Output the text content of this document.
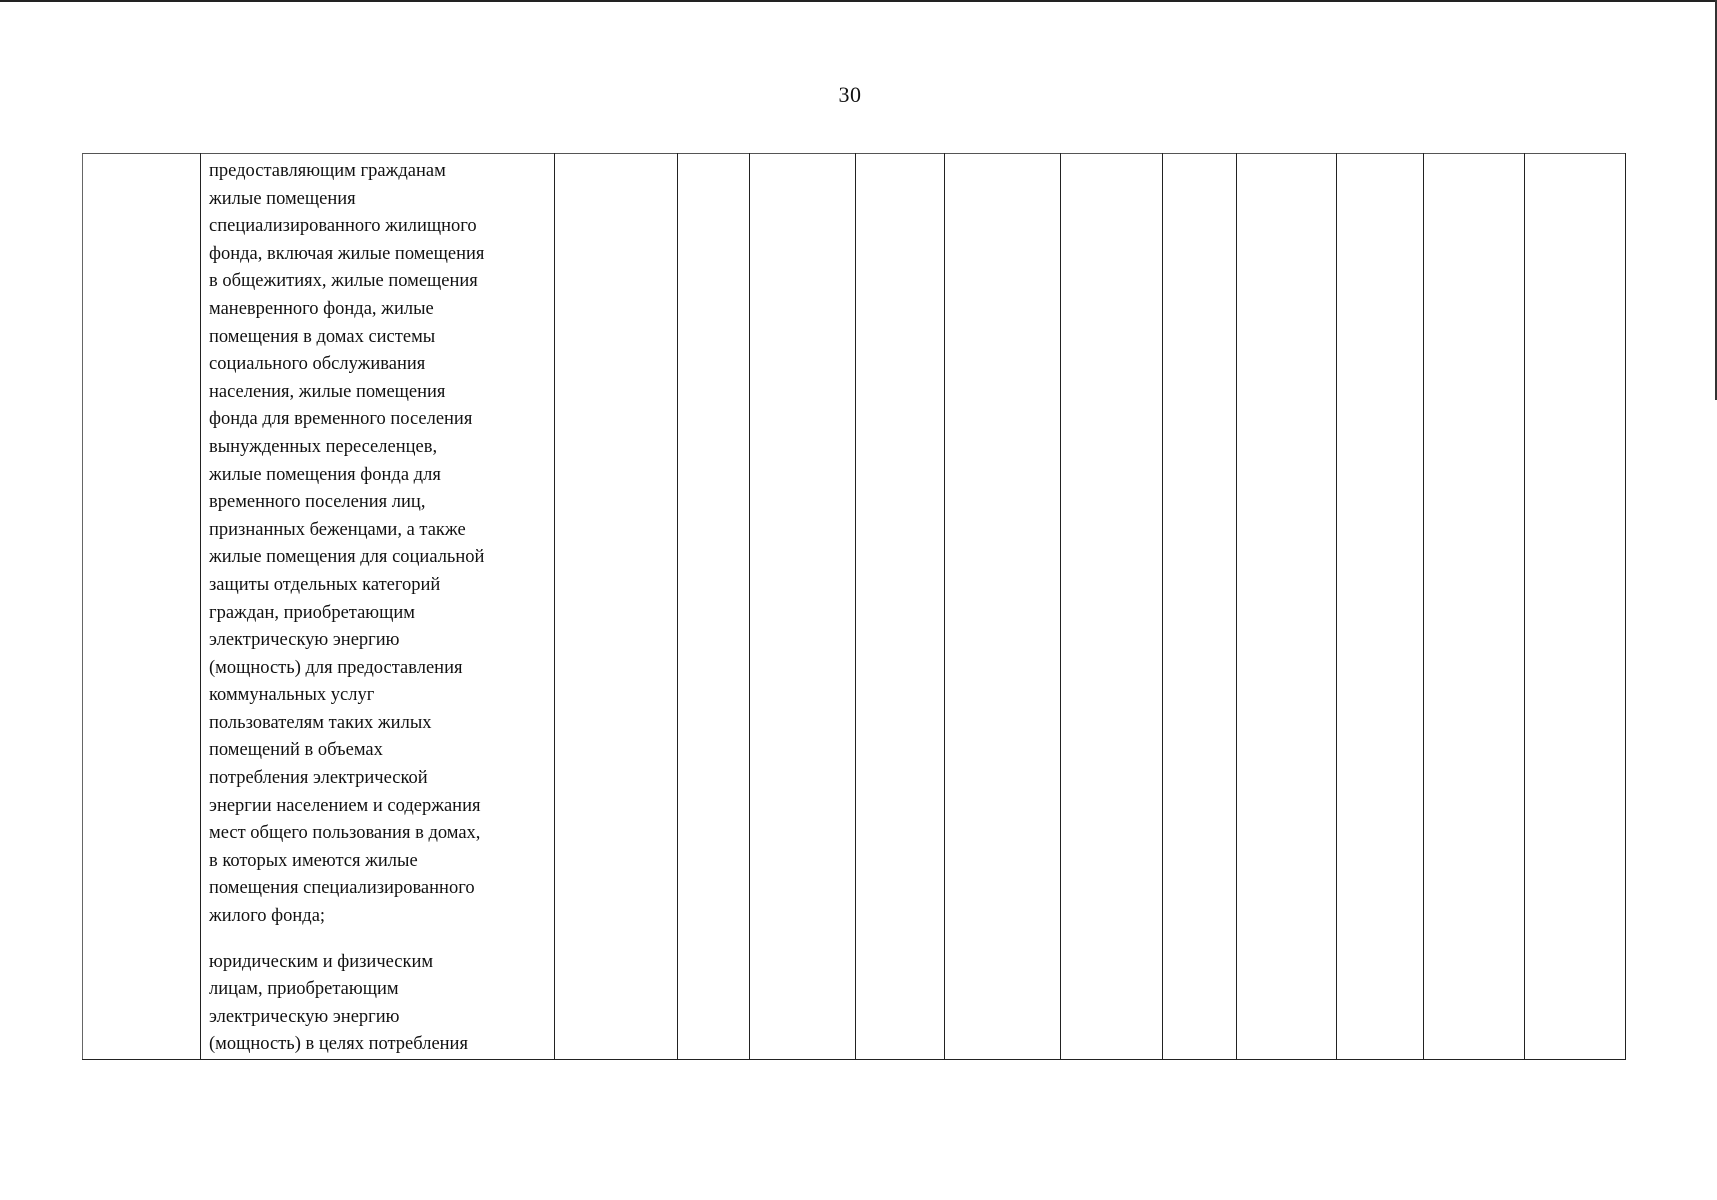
30

предоставляющим гражданам
жилые помещения
специализированного жилищного
фонда, включая жилые помещения
в общежитиях, жилые помещения
маневренного фонда, жилые
помещения в домах системы
социального обслуживания
населения, жилые помещения
фонда для временного поселения
вынужденных переселенцев,
жилые помещения фонда для
временного поселения лиц,
признанных беженцами, а также
жилые помещения для социальной
защиты отдельных категорий
граждан, приобретающим
электрическую энергию
(мощность) для предоставления
коммунальных услуг
пользователям таких жилых
помещений в объемах
потребления электрической
энергии населением и содержания
мест общего пользования в домах,
в которых имеются жилые
помещения специализированного
жилого фонда;

юридическим и физическим
лицам, приобретающим
электрическую энергию
(мощность) в целях потребления
